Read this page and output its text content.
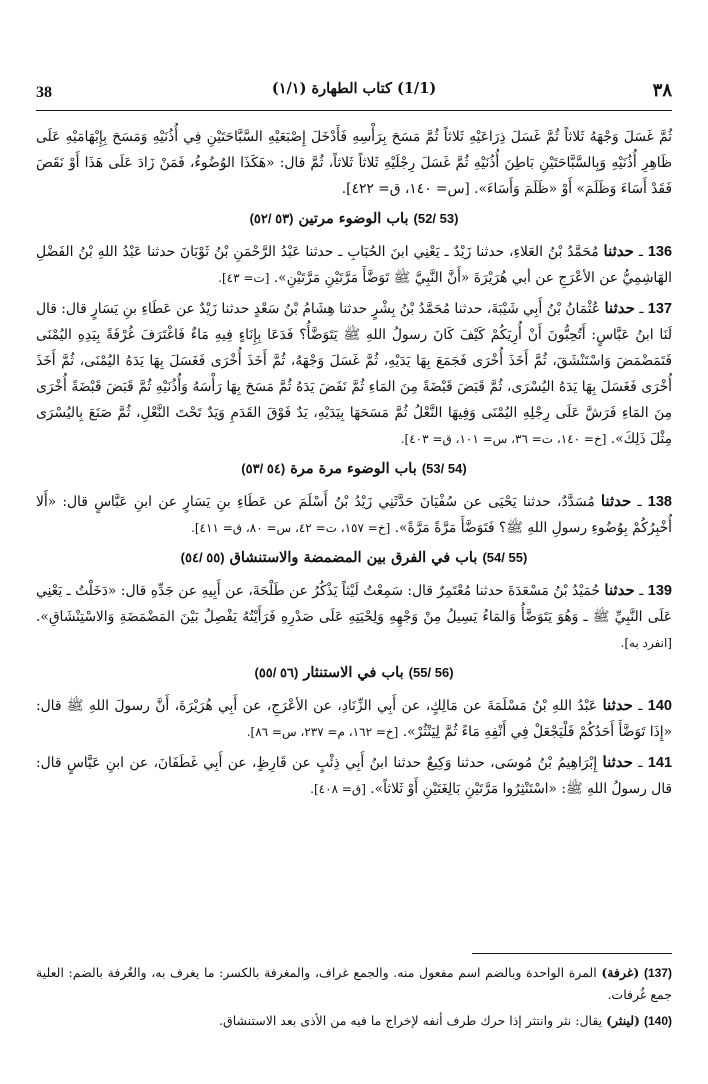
38	(1/1) كتاب الطهارة (١/١)	٣٨

ثُمَّ غَسَلَ وَجْهَهُ ثَلاثاً ثُمَّ غَسَلَ ذِرَاعَيْهِ ثَلاثاً ثُمَّ مَسَحَ بِرَأْسِهِ فَأَدْخَلَ إِصْبَعَيْهِ السَّبَّاحَتَيْنِ فِي أُذُنَيْهِ وَمَسَحَ بِإِبْهَامَيْهِ عَلَى ظَاهِرِ أُذُنَيْهِ وَبِالسَّبَّاحَتَيْنِ بَاطِنَ أُذُنَيْهِ ثُمَّ غَسَلَ رِجْلَيْهِ ثَلاثاً ثَلاثاً، ثُمَّ قال: «هَكَذَا الوُضُوءُ، فَمَنْ زَادَ عَلَى هَذَا أَوْ نَقَصَ فَقَدْ أَسَاءَ وَظَلَمَ» أَوْ «ظَلَمَ وَأَسَاءَ». [س= ١٤٠، ق= ٤٢٢].

(53 /52) باب الوضوء مرتين (٥٣ /٥٢)

136 ـ حدثنا مُحَمَّدُ بْنُ العَلاءِ، حدثنا زَيْدٌ ـ يَعْنِي ابنَ الحُبَابِ ـ حدثنا عَبْدُ الرَّحْمَنِ بْنُ ثَوْبَانَ حدثنا عَبْدُ اللهِ بْنُ الفَضْلِ الهَاشِمِيُّ عن الأعْرَجِ عن أبي هُرَيْرَةَ «أَنَّ النَّبِيَّ ﷺ تَوَضَّأَ مَرَّتَيْنِ مَرَّتَيْنِ». [ت= ٤٣].

137 ـ حدثنا عُثْمَانُ بْنُ أَبِي شَيْبَةَ، حدثنا مُحَمَّدُ بْنُ بِشْرٍ حدثنا هِشَامُ بْنُ سَعْدٍ حدثنا زَيْدٌ عن عَطَاءِ بنِ يَسَارٍ قال: قال لَنَا ابنُ عَبَّاسٍ: أَتُحِبُّونَ أَنْ أُرِيَكُمْ كَيْفَ كَانَ رسولُ اللهِ ﷺ يَتَوَضَّأُ؟ فَدَعَا بِإِنَاءٍ فِيهِ مَاءٌ فَاغْتَرَفَ غُرْفَةً بِيَدِهِ اليُمْنَى فَتَمَضْمَضَ وَاسْتَنْشَقَ، ثُمَّ أَخَذَ أُخْرَى فَجَمَعَ بِهَا يَدَيْهِ، ثُمَّ غَسَلَ وَجْهَهُ، ثُمَّ أَخَذَ أُخْرَى فَغَسَلَ بِهَا يَدَهُ اليُمْنَى، ثُمَّ أَخَذَ أُخْرَى فَغَسَلَ بِهَا يَدَهُ اليُسْرَى، ثُمَّ قَبَضَ قَبْضَةً مِنَ المَاءِ ثُمَّ نَفَضَ يَدَهُ ثُمَّ مَسَحَ بِهَا رَأْسَهُ وَأُذُنَيْهِ ثُمَّ قَبَضَ قَبْضَةً أُخْرَى مِنَ المَاءِ فَرَشَّ عَلَى رِجْلِهِ اليُمْنَى وَفِيهَا النَّعْلُ ثُمَّ مَسَحَهَا بِيَدَيْهِ، يَدٌ فَوْقَ القَدَمِ وَيَدٌ تَحْتَ النَّعْلِ، ثُمَّ صَنَعَ بِاليُسْرَى مِثْلَ ذَلِكَ». [خ= ١٤٠، ت= ٣٦، س= ١٠١، ق= ٤٠٣].

(54 /53) باب الوضوء مرة مرة (٥٤ /٥٣)

138 ـ حدثنا مُسَدَّدٌ، حدثنا يَحْيَى عن سُفْيَانَ حَدَّثَنِي زَيْدُ بْنُ أَسْلَمَ عن عَطَاءِ بنِ يَسَارٍ عن ابنِ عَبَّاسٍ قال: «أَلا أُخْبِرُكُمْ بِوُضُوءِ رسولِ اللهِ ﷺ؟ فَتَوَضَّأَ مَرَّةً مَرَّةً». [خ= ١٥٧، ت= ٤٢، س= ٨٠، ق= ٤١١].

(55 /54) باب في الفرق بين المضمضة والاستنشاق (٥٥ /٥٤)

139 ـ حدثنا حُمَيْدُ بْنُ مَسْعَدَةَ حدثنا مُعْتَمِرٌ قال: سَمِعْتُ لَيْثاً يَذْكُرُ عن طَلْحَةَ، عن أَبِيهِ عن جَدِّهِ قال: «دَخَلْتُ ـ يَعْنِي عَلَى النَّبِيِّ ﷺ ـ وَهُوَ يَتَوَضَّأُ وَالمَاءُ يَسِيلُ مِنْ وَجْهِهِ وَلِحْيَتِهِ عَلَى صَدْرِهِ فَرَأَيْتُهُ يَفْصِلُ بَيْنَ المَضْمَضَةِ وَالاسْتِنْشَاقِ». [انفرد به].

(56 /55) باب في الاستنثار (٥٦ /٥٥)

140 ـ حدثنا عَبْدُ اللهِ بْنُ مَسْلَمَةَ عن مَالِكٍ، عن أَبِي الزِّنَادِ، عن الأعْرَجِ، عن أَبِي هُرَيْرَةَ، أَنَّ رسولَ اللهِ ﷺ قال: «إِذَا تَوَضَّأَ أَحَدُكُمْ فَلْيَجْعَلْ فِي أَنْفِهِ مَاءً ثُمَّ لِيَنْثُرْ». [خ= ١٦٢، م= ٢٣٧، س= ٨٦].

141 ـ حدثنا إِبْرَاهِيمُ بْنُ مُوسَى، حدثنا وَكِيعٌ حدثنا ابنُ أَبِي ذِئْبٍ عن قَارِظٍ، عن أَبِي غَطَفَانَ، عن ابنِ عَبَّاسٍ قال: قال رسولُ اللهِ ﷺ: «اسْتَنْثِرُوا مَرَّتَيْنِ بَالِغَتَيْنِ أَوْ ثَلاثاً». [ق= ٤٠٨].

(137) (غرفة) المرة الواحدة وبالضم اسم مفعول منه. والجمع غراف، والمغرفة بالكسر: ما يغرف به، والغُرفة بالضم: العلية جمع غُرفات.

(140) (لينثر) يقال: نثر وانتثر إذا حرك طرف أنفه لإخراج ما فيه من الأذى بعد الاستنشاق.
